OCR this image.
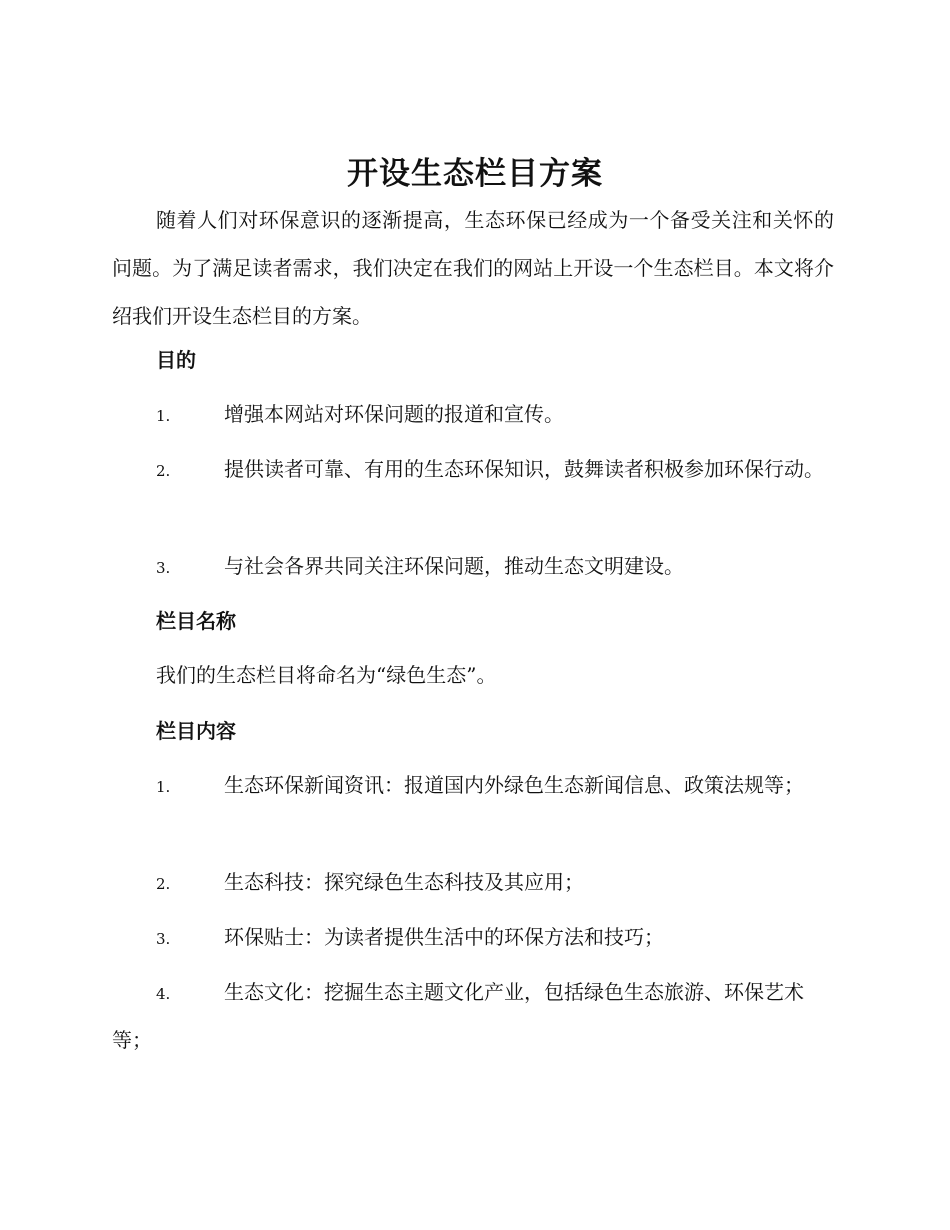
开设生态栏目方案

随着人们对环保意识的逐渐提高，生态环保已经成为一个备受关注和关怀的问题。为了满足读者需求，我们决定在我们的网站上开设一个生态栏目。本文将介绍我们开设生态栏目的方案。

目的

1.	增强本网站对环保问题的报道和宣传。

2.	提供读者可靠、有用的生态环保知识，鼓舞读者积极参加环保行动。

3.	与社会各界共同关注环保问题，推动生态文明建设。

栏目名称

我们的生态栏目将命名为“绿色生态”。

栏目内容

1.	生态环保新闻资讯：报道国内外绿色生态新闻信息、政策法规等；

2.	生态科技：探究绿色生态科技及其应用；

3.	环保贴士：为读者提供生活中的环保方法和技巧；

4.	生态文化：挖掘生态主题文化产业，包括绿色生态旅游、环保艺术等；
